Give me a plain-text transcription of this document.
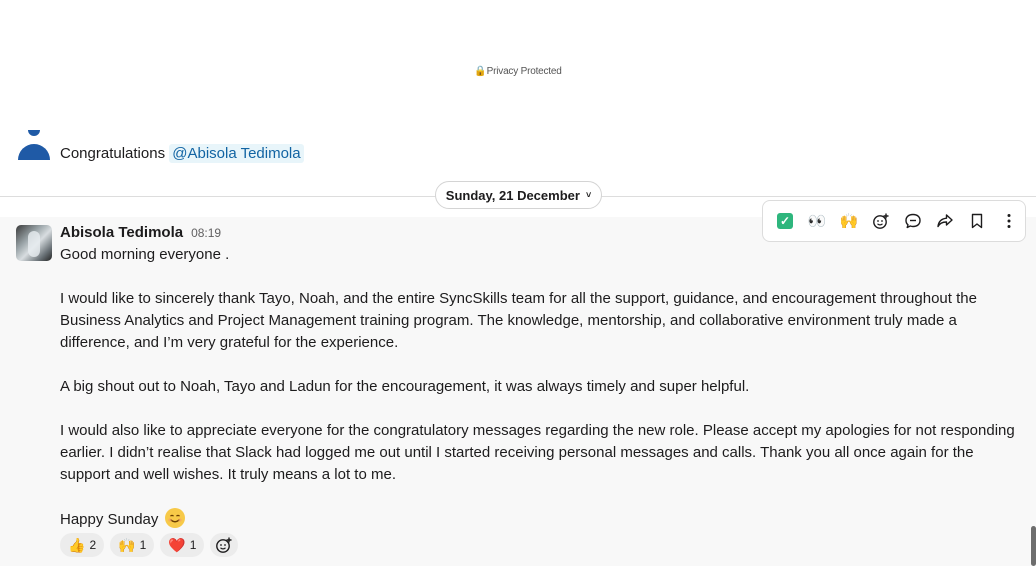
🔒Privacy Protected
Congratulations @Abisola Tedimola
Sunday, 21 December ˅
Abisola Tedimola 08:19

Good morning everyone .

I would like to sincerely thank Tayo, Noah, and the entire SyncSkills team for all the support, guidance, and encouragement throughout the Business Analytics and Project Management training program. The knowledge, mentorship, and collaborative environment truly made a difference, and I’m very grateful for the experience.

A big shout out to Noah, Tayo and Ladun for the encouragement, it was always timely and super helpful.

I would also like to appreciate everyone for the congratulatory messages regarding the new role. Please accept my apologies for not responding earlier. I didn’t realise that Slack had logged me out until I started receiving personal messages and calls. Thank you all once again for the support and well wishes. It truly means a lot to me.

Happy Sunday

👍 2 🙌 1 ❤️ 1
✓ 👀 🙌
